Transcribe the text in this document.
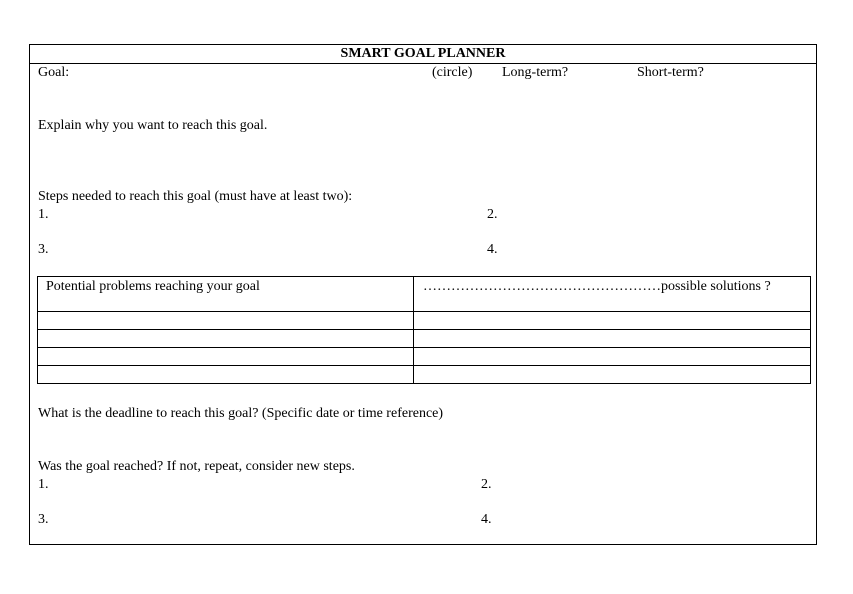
SMART GOAL PLANNER
Goal:	(circle) Long-term?	Short-term?
Explain why you want to reach this goal.
Steps needed to reach this goal (must have at least two):
1.	2.
3.	4.
Potential problems reaching your goal	……………………………………………possible solutions ?

What is the deadline to reach this goal? (Specific date or time reference)
Was the goal reached? If not, repeat, consider new steps.
1.	2.
3.	4.
